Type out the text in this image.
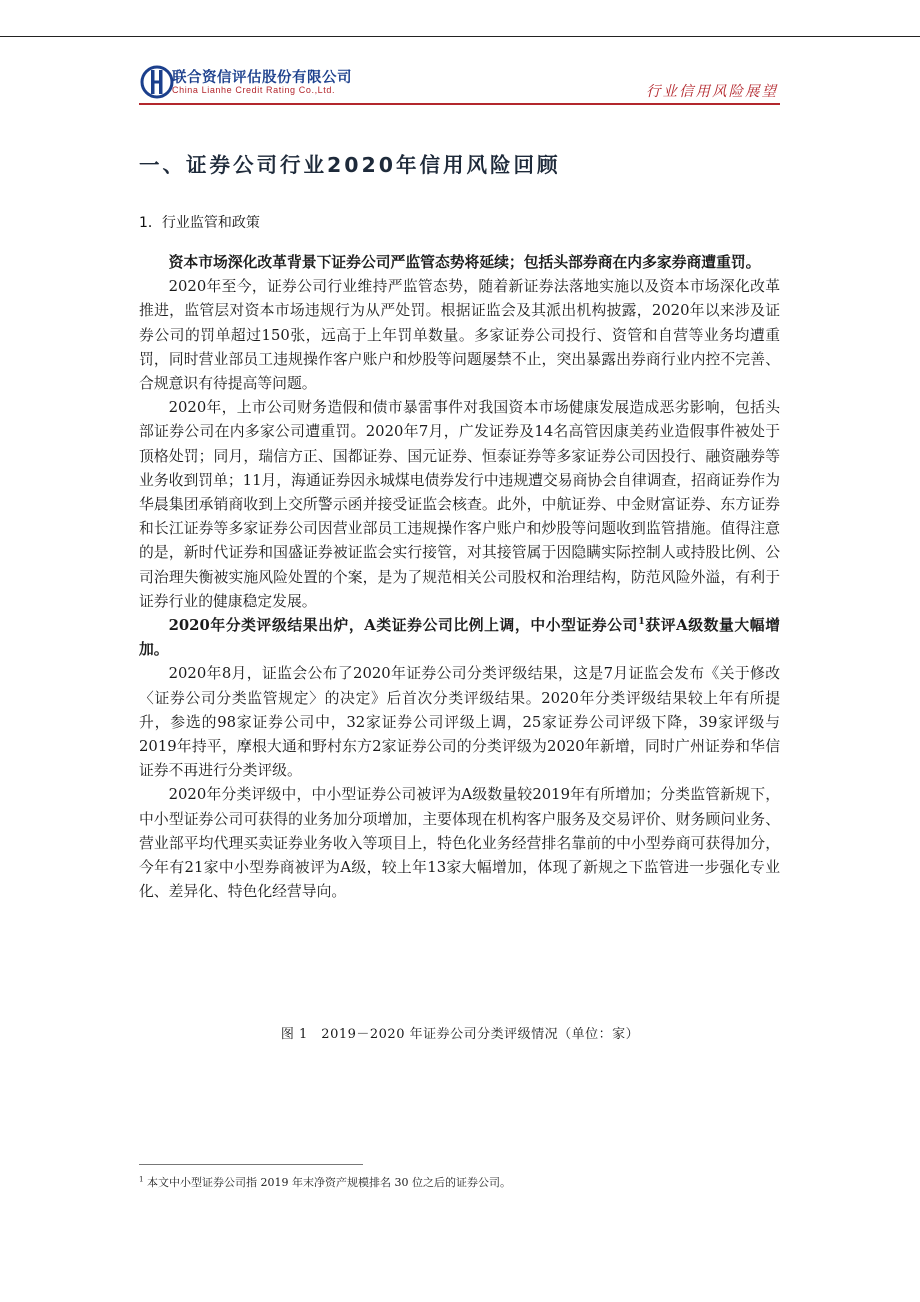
联合资信评估股份有限公司
China Lianhe Credit Rating Co.,Ltd.	行业信用风险展望
一、证券公司行业2020年信用风险回顾
1．行业监管和政策

资本市场深化改革背景下证券公司严监管态势将延续；包括头部券商在内多家券商遭重罚。

2020年至今，证券公司行业维持严监管态势，随着新证券法落地实施以及资本市场深化改革推进，监管层对资本市场违规行为从严处罚。根据证监会及其派出机构披露，2020年以来涉及证券公司的罚单超过150张，远高于上年罚单数量。多家证券公司投行、资管和自营等业务均遭重罚，同时营业部员工违规操作客户账户和炒股等问题屡禁不止，突出暴露出券商行业内控不完善、合规意识有待提高等问题。

2020年，上市公司财务造假和债市暴雷事件对我国资本市场健康发展造成恶劣影响，包括头部证券公司在内多家公司遭重罚。2020年7月，广发证券及14名高管因康美药业造假事件被处于顶格处罚；同月，瑞信方正、国都证券、国元证券、恒泰证券等多家证券公司因投行、融资融券等业务收到罚单；11月，海通证券因永城煤电债券发行中违规遭交易商协会自律调查，招商证券作为华晨集团承销商收到上交所警示函并接受证监会核查。此外，中航证券、中金财富证券、东方证券和长江证券等多家证券公司因营业部员工违规操作客户账户和炒股等问题收到监管措施。值得注意的是，新时代证券和国盛证券被证监会实行接管，对其接管属于因隐瞒实际控制人或持股比例、公司治理失衡被实施风险处置的个案，是为了规范相关公司股权和治理结构，防范风险外溢，有利于证券行业的健康稳定发展。

2020年分类评级结果出炉，A类证券公司比例上调，中小型证券公司$^1$获评A级数量大幅增加。

2020年8月，证监会公布了2020年证券公司分类评级结果，这是7月证监会发布《关于修改〈证券公司分类监管规定〉的决定》后首次分类评级结果。2020年分类评级结果较上年有所提升，参选的98家证券公司中，32家证券公司评级上调，25家证券公司评级下降，39家评级与2019年持平，摩根大通和野村东方2家证券公司的分类评级为2020年新增，同时广州证券和华信证券不再进行分类评级。

2020年分类评级中，中小型证券公司被评为A级数量较2019年有所增加；分类监管新规下，中小型证券公司可获得的业务加分项增加，主要体现在机构客户服务及交易评价、财务顾问业务、营业部平均代理买卖证券业务收入等项目上，特色化业务经营排名靠前的中小型券商可获得加分，今年有21家中小型券商被评为A级，较上年13家大幅增加，体现了新规之下监管进一步强化专业化、差异化、特色化经营导向。

图 1　2019－2020 年证券公司分类评级情况（单位：家）
$^1$ 本文中小型证券公司指 2019 年末净资产规模排名 30 位之后的证券公司。
